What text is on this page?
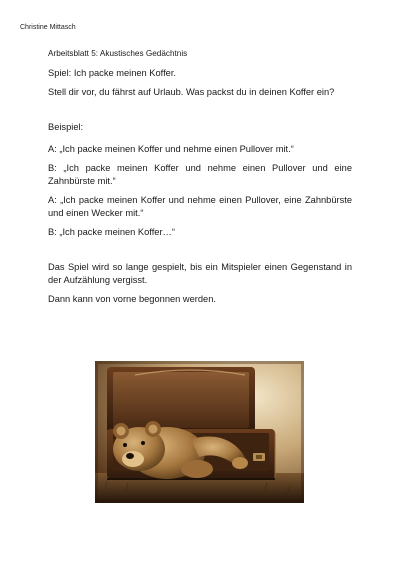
Christine Mittasch

Arbeitsblatt 5: Akustisches Gedächtnis

Spiel: Ich packe meinen Koffer.

Stell dir vor, du fährst auf Urlaub. Was packst du in deinen Koffer ein?

Beispiel:

A: „Ich packe meinen Koffer und nehme einen Pullover mit.“

B: „Ich packe meinen Koffer und nehme einen Pullover und eine Zahnbürste mit.“

A: „Ich packe meinen Koffer und nehme einen Pullover, eine Zahnbürste und einen Wecker mit.“

B: „Ich packe meinen Koffer…“

Das Spiel wird so lange gespielt, bis ein Mitspieler einen Gegenstand in der Aufzählung vergisst.

Dann kann von vorne begonnen werden.
